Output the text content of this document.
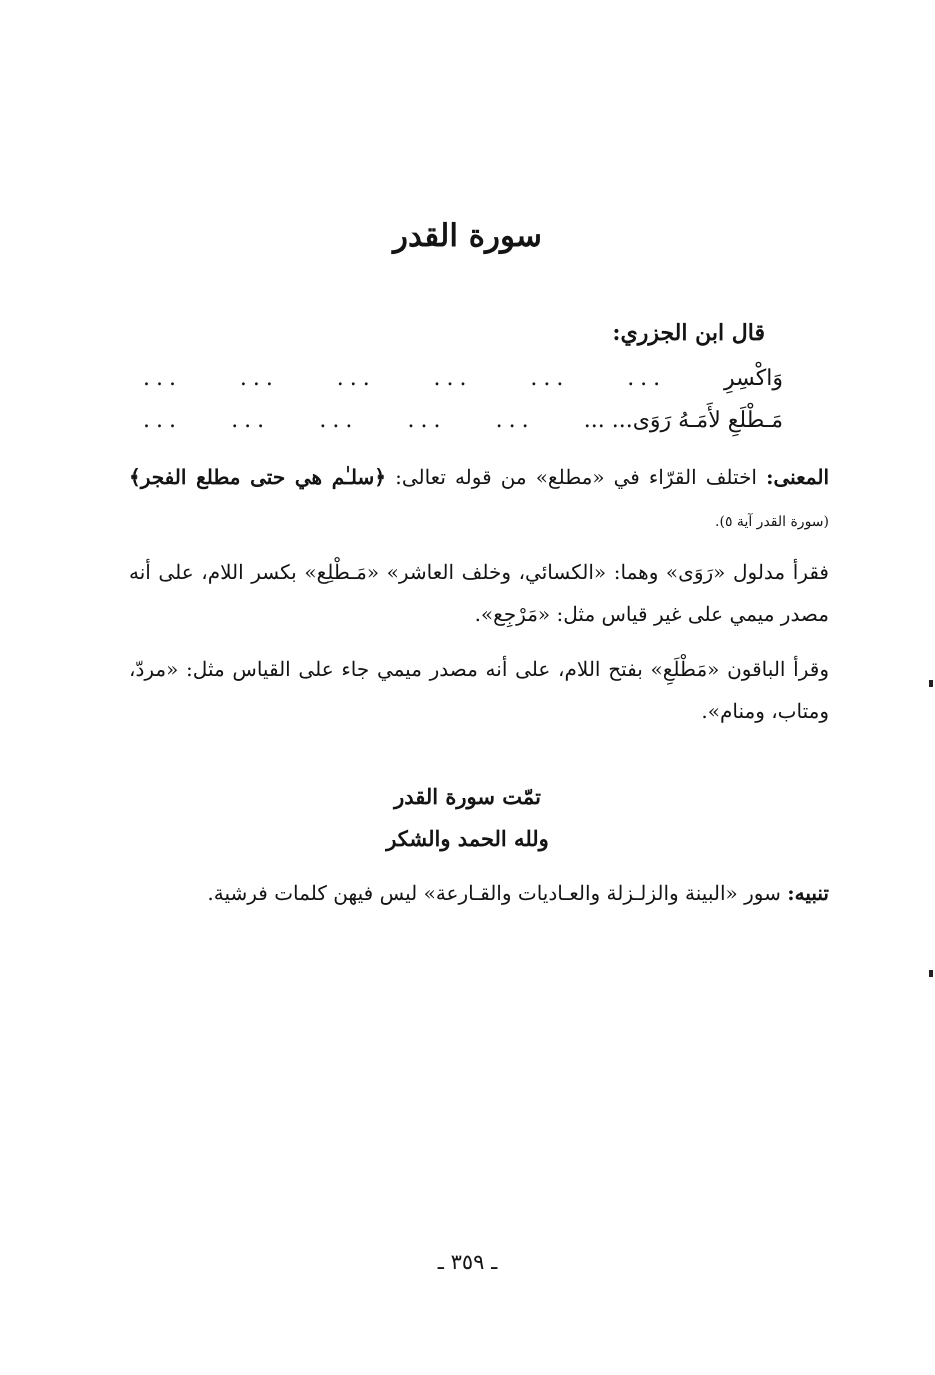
سورة القدر
قال ابن الجزري:
وَاكْسِرِ
...
...
...
...
...
...
مَـطْلَعِ لأَمَـهُ رَوَى... ...
...
...
...
...
...
المعنى: اختلف القرّاء في «مطلع» من قوله تعالى: ﴿سلـٰم هي حتى مطلع الفجر﴾ (سورة القدر آية ٥).
فقرأ مدلول «رَوَى» وهما: «الكسائي، وخلف العاشر» «مَـطْلِع» بكسر اللام، على أنه مصدر ميمي على غير قياس مثل: «مَرْجِع».
وقرأ الباقون «مَطْلَعِ» بفتح اللام، على أنه مصدر ميمي جاء على القياس مثل: «مردّ، ومتاب، ومنام».
تمّت سورة القدر
ولله الحمد والشكر
تنبيه: سور «البينة والزلـزلة والعـاديات والقـارعة» ليس فيهن كلمات فرشية.
ـ ٣٥٩ ـ
